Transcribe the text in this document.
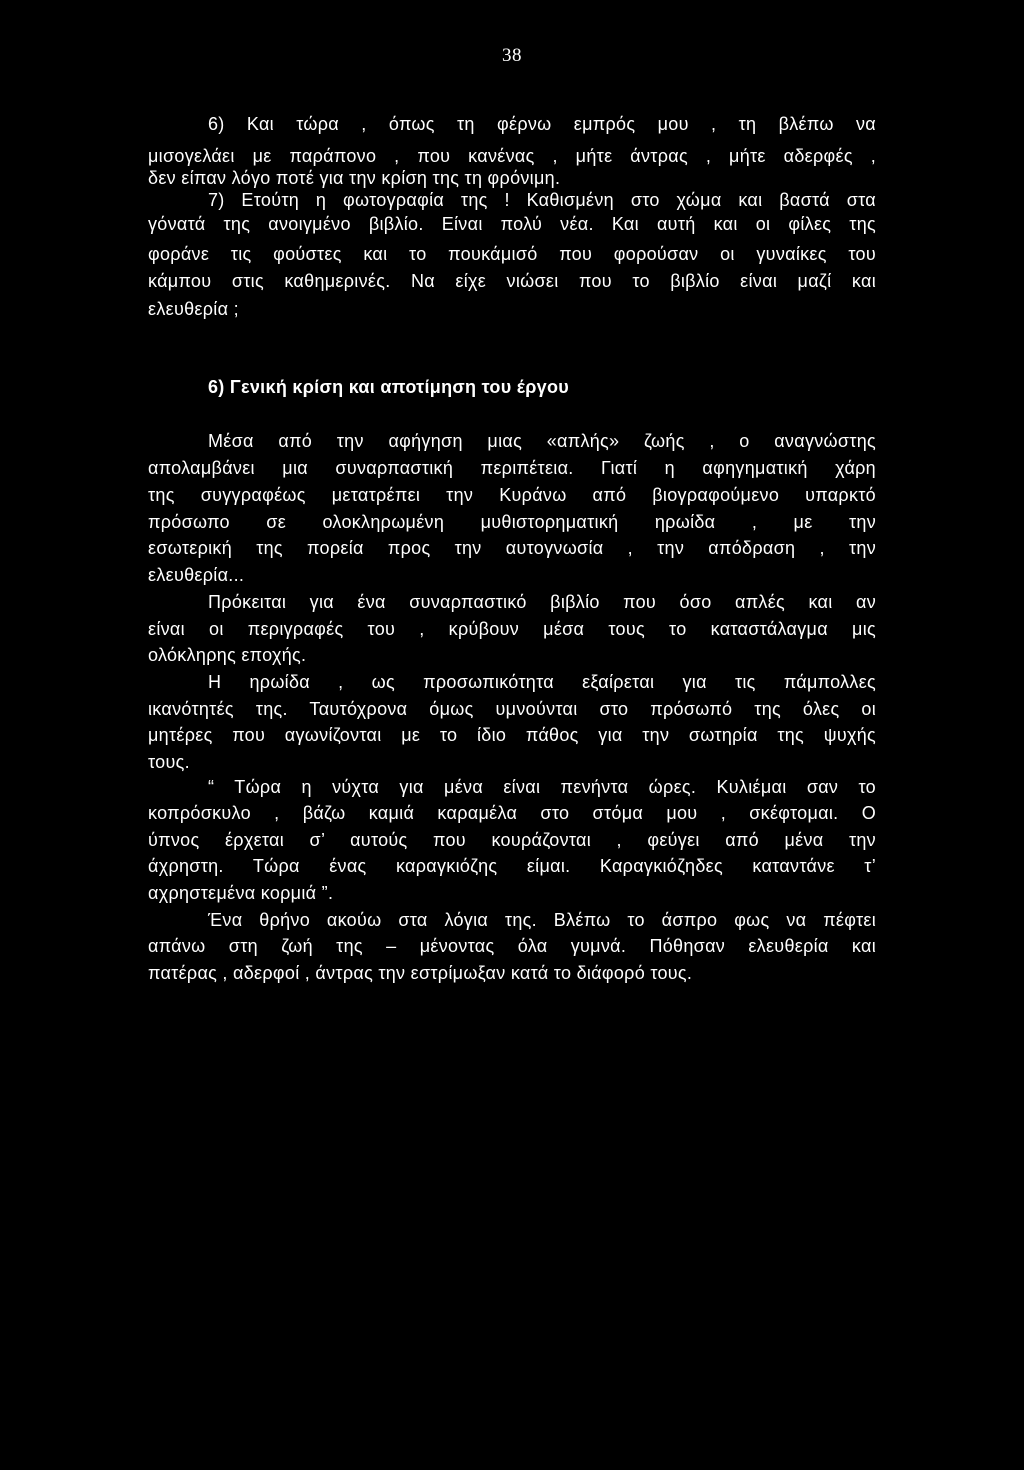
38
6) Και τώρα , όπως τη φέρνω εμπρός μου , τη βλέπω να
μισογελάει με παράπονο , που κανένας , μήτε άντρας , μήτε αδερφές ,
δεν είπαν λόγο ποτέ για την κρίση της τη φρόνιμη.
7) Ετούτη η φωτογραφία της ! Καθισμένη στο χώμα και βαστά στα
γόνατά της ανοιγμένο βιβλίο. Είναι πολύ νέα. Και αυτή και οι φίλες της
φοράνε τις φούστες και το πουκάμισό που φορούσαν οι γυναίκες του
κάμπου στις καθημερινές. Να είχε νιώσει που το βιβλίο είναι μαζί και
ελευθερία ;
6) Γενική κρίση και αποτίμηση του έργου
Μέσα από την αφήγηση μιας «απλής» ζωής , ο αναγνώστης
απολαμβάνει μια συναρπαστική περιπέτεια. Γιατί η αφηγηματική χάρη
της συγγραφέως μετατρέπει την Κυράνω από βιογραφούμενο υπαρκτό
πρόσωπο σε ολοκληρωμένη μυθιστορηματική ηρωίδα , με την
εσωτερική της πορεία προς την αυτογνωσία , την απόδραση , την
ελευθερία...
Πρόκειται για ένα συναρπαστικό βιβλίο που όσο απλές και αν
είναι οι περιγραφές του , κρύβουν μέσα τους το καταστάλαγμα μις
ολόκληρης εποχής.
Η ηρωίδα , ως προσωπικότητα εξαίρεται για τις πάμπολλες
ικανότητές της. Ταυτόχρονα όμως υμνούνται στο πρόσωπό της όλες οι
μητέρες που αγωνίζονται με το ίδιο πάθος για την σωτηρία της ψυχής
τους.
“ Τώρα η νύχτα για μένα είναι πενήντα ώρες. Κυλιέμαι σαν το
κοπρόσκυλο , βάζω καμιά καραμέλα στο στόμα μου , σκέφτομαι. Ο
ύπνος έρχεται σ’ αυτούς που κουράζονται , φεύγει από μένα την
άχρηστη. Τώρα ένας καραγκιόζης είμαι. Καραγκιόζηδες καταντάνε τ’
αχρηστεμένα κορμιά ”.
Ένα θρήνο ακούω στα λόγια της. Βλέπω το άσπρο φως να πέφτει
απάνω στη ζωή της – μένοντας όλα γυμνά. Πόθησαν ελευθερία και
πατέρας , αδερφοί , άντρας την εστρίμωξαν κατά το διάφορό τους.
